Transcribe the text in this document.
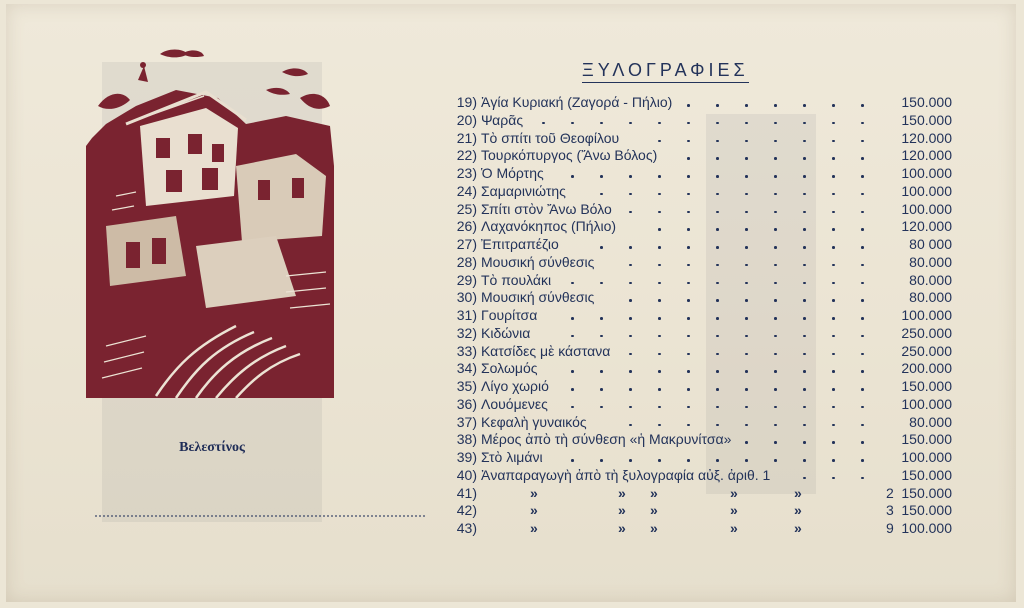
Βελεστίνος
ΞΥΛΟΓΡΑΦΙΕΣ
19) Ἁγία Κυριακή (Ζαγορά - Πήλιο)	150.000
20) Ψαρᾶς	150.000
21) Τὸ σπίτι τοῦ Θεοφίλου	120.000
22) Τουρκόπυργος (Ἄνω Βόλος)	120.000
23) Ὁ Μόρτης	100.000
24) Σαμαρινιώτης	100.000
25) Σπίτι στὸν Ἄνω Βόλο	100.000
26) Λαχανόκηπος (Πήλιο)	120.000
27) Ἐπιτραπέζιο	80 000
28) Μουσική σύνθεσις	80.000
29) Τὸ πουλάκι	80.000
30) Μουσική σύνθεσις	80.000
31) Γουρίτσα	100.000
32) Κιδώνια	250.000
33) Κατσίδες μὲ κάστανα	250.000
34) Σολωμός	200.000
35) Λίγο χωριό	150.000
36) Λουόμενες	100.000
37) Κεφαλὴ γυναικός	80.000
38) Μέρος ἀπὸ τὴ σύνθεση «ἡ Μακρυνίτσα»	150.000
39) Στὸ λιμάνι	100.000
40) Ἀναπαραγωγὴ ἀπὸ τὴ ξυλογραφία αὐξ. ἀριθ. 1	150.000
41)	»	» »	»	»	2 150.000
42)	»	» »	»	»	3 150.000
43)	»	» »	»	»	9 100.000
